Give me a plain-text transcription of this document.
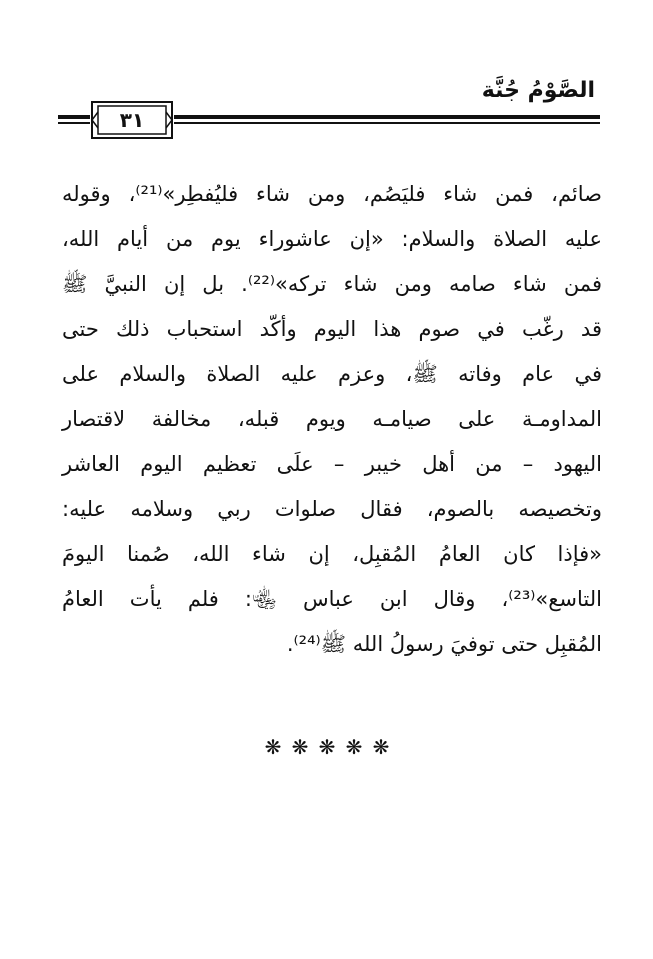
الصَّوْمُ جُنَّة
٣١
صائم، فمن شاء فليَصُم، ومن شاء فليُفطِر»⁽²¹⁾، وقوله
عليه الصلاة والسلام: «إن عاشوراء يوم من أيام الله،
فمن شاء صامه ومن شاء تركه»⁽²²⁾. بل إن النبيَّ ﷺ
قد رغّب في صوم هذا اليوم وأكّد استحباب ذلك حتى
في عام وفاته ﷺ، وعزم عليه الصلاة والسلام على
المداومـة على صيامـه ويوم قبله، مخالفة لاقتصار
اليهود – من أهل خيبر – علَى تعظيم اليوم العاشر
وتخصيصه بالصوم، فقال صلوات ربي وسلامه عليه:
«فإذا كان العامُ المُقبِل، إن شاء الله، صُمنا اليومَ
التاسع»⁽²³⁾، وقال ابن عباس ﵄: فلم يأت العامُ
المُقبِل حتى توفيَ رسولُ الله ﷺ⁽²⁴⁾.
❋ ❋ ❋ ❋ ❋
